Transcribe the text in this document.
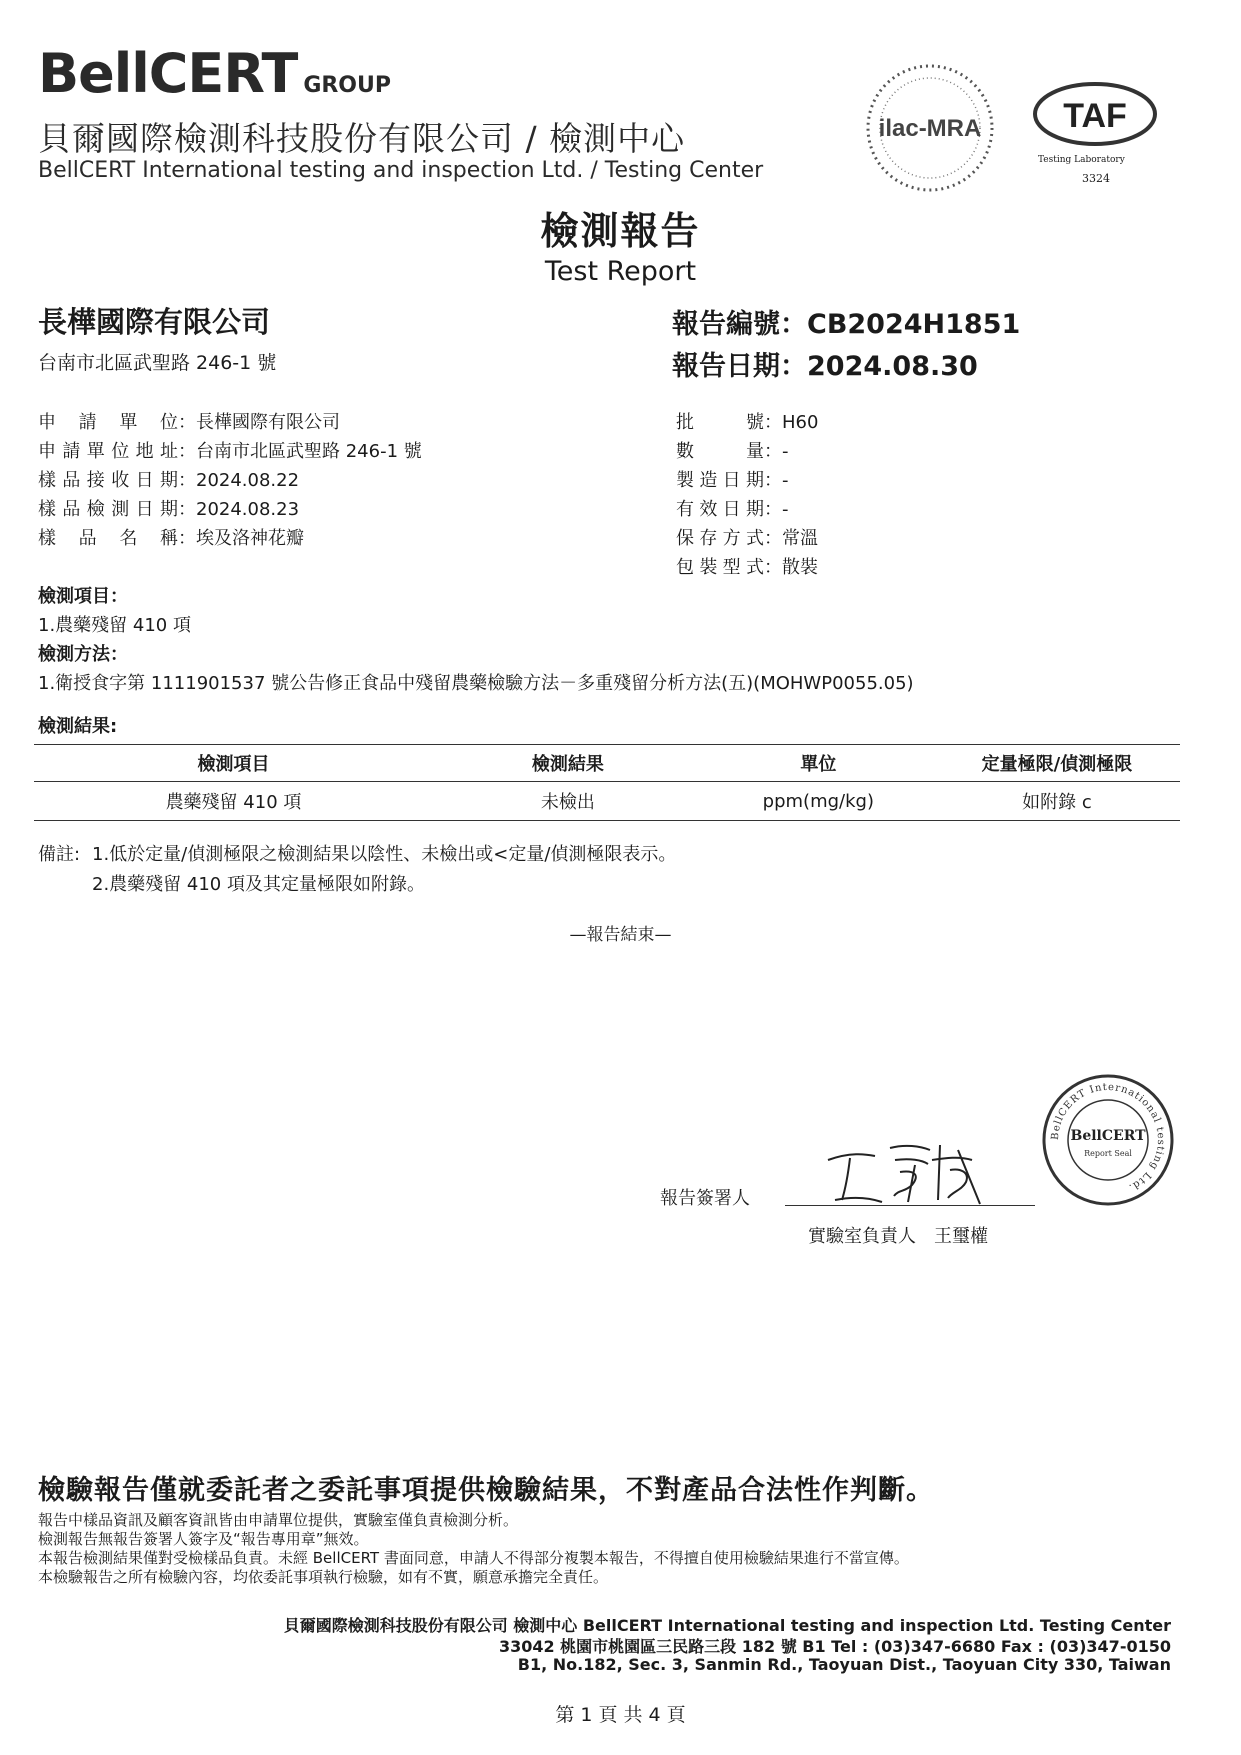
BellCERT GROUP
貝爾國際檢測科技股份有限公司 / 檢測中心
BellCERT International testing and inspection Ltd. / Testing Center
ilac-MRA TAF
Testing Laboratory
3324
檢測報告
Test Report
長樺國際有限公司
台南市北區武聖路 246-1 號
報告編號：CB2024H1851
報告日期：2024.08.30
申請單位：長樺國際有限公司
申請單位地址：台南市北區武聖路 246-1 號
樣品接收日期：2024.08.22
樣品檢測日期：2024.08.23
樣品名稱：埃及洛神花瓣
批號：H60
數量：-
製造日期：-
有效日期：-
保存方式：常溫
包裝型式：散裝
檢測項目：
1.農藥殘留 410 項
檢測方法：
1.衛授食字第 1111901537 號公告修正食品中殘留農藥檢驗方法－多重殘留分析方法(五)(MOHWP0055.05)
檢測結果:
檢測項目	檢測結果	單位	定量極限/偵測極限
農藥殘留 410 項	未檢出	ppm(mg/kg)	如附錄 c
備註: 1.低於定量/偵測極限之檢測結果以陰性、未檢出或<定量/偵測極限表示。
2.農藥殘留 410 項及其定量極限如附錄。
—報告結束—
BellCERT International testing Ltd.
BellCERT
Report Seal
報告簽署人
實驗室負責人　王璽權
檢驗報告僅就委託者之委託事項提供檢驗結果，不對產品合法性作判斷。
報告中樣品資訊及顧客資訊皆由申請單位提供，實驗室僅負責檢測分析。
檢測報告無報告簽署人簽字及“報告專用章”無效。
本報告檢測結果僅對受檢樣品負責。未經 BellCERT 書面同意，申請人不得部分複製本報告，不得擅自使用檢驗結果進行不當宣傳。
本檢驗報告之所有檢驗內容，均依委託事項執行檢驗，如有不實，願意承擔完全責任。
貝爾國際檢測科技股份有限公司 檢測中心 BellCERT International testing and inspection Ltd. Testing Center
33042 桃園市桃園區三民路三段 182 號 B1 Tel : (03)347-6680 Fax : (03)347-0150
B1, No.182, Sec. 3, Sanmin Rd., Taoyuan Dist., Taoyuan City 330, Taiwan
第 1 頁 共 4 頁
